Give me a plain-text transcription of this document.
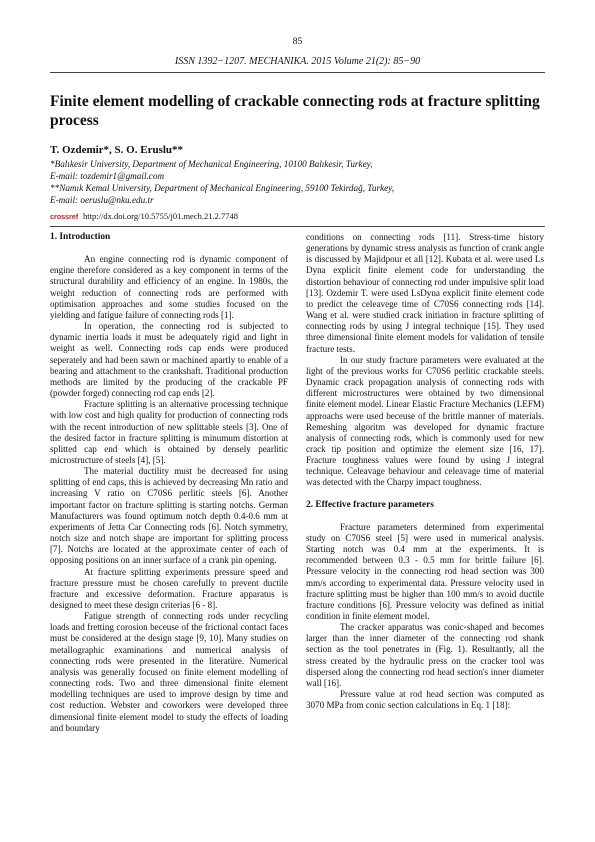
85
ISSN 1392−1207. MECHANIKA. 2015 Volume 21(2): 85−90
Finite element modelling of crackable connecting rods at fracture splitting process
T. Ozdemir*, S. O. Eruslu**
*Balıkesir University, Department of Mechanical Engineering, 10100 Balıkesir, Turkey,
E-mail: tozdemir1@gmail.com
**Namık Kemal University, Department of Mechanical Engineering, 59100 Tekirdağ, Turkey,
E-mail: oeruslu@nku.edu.tr
crossref http://dx.doi.org/10.5755/j01.mech.21.2.7748
1. Introduction

An engine connecting rod is dynamic component of engine therefore considered as a key component in terms of the structural durability and efficiency of an engine. In 1980s, the weight reduction of connecting rods are performed with optimisation approaches and some studies focused on the yielding and fatigue failure of connecting rods [1].

In operation, the connecting rod is subjected to dynamic inertia loads it must be adequately rigid and light in weight as well. Connecting rods cap ends were produced seperately and had been sawn or machined apartly to enable of a bearing and attachment to the crankshaft. Traditional production methods are limited by the producing of the crackable PF (powder forged) connecting rod cap ends [2].

Fracture splitting is an alternative processing technique with low cost and high quality for production of connecting rods with the recent introduction of new splittable steels [3]. One of the desired factor in fracture splitting is minumum distortion at splitted cap end which is obtained by densely pearlitic microstructure of steels [4], [5].

The material ductility must be decreased for using splitting of end caps, this is achieved by decreasing Mn ratio and increasing V ratio on C70S6 perlitic steels [6]. Another important factor on fracture splitting is starting notchs. German Manufacturers was found optimum notch depth 0.4-0.6 mm at experiments of Jetta Car Connecting rods [6]. Notch symmetry, notch size and notch shape are important for splitting process [7]. Notchs are located at the approximate center of each of opposing positions on an inner surface of a crank pin opening.

At fracture splitting experiments pressure speed and fracture pressure must be chosen carefully to prevent ductile fracture and excessive deformation. Fracture apparatus is designed to meet these design criterias [6 - 8].

Fatigue strength of connecting rods under recycling loads and fretting corosion beceuse of the frictional contact faces must be considered at the design stage [9, 10]. Many studies on metallographic examinations and numerical analysis of connecting rods were presented in the literatüre. Numerical analysis was generally focused on finite element modelling of connecting rods. Two and three dimensional finite element modelling techniques are used to improve design by time and cost reduction. Webster and coworkers were developed three dimensional finite element model to study the effects of loading and boundary

conditions on connecting rods [11]. Stress-time history generations by dynamic stress analysis as function of crank angle is discussed by Majidpour et all [12]. Kubata et al. were used Ls Dyna explicit finite element code for understanding the distortion behaviour of connecting rod under impulsive split load [13]. Ozdemir T. were used LsDyna explicit finite element code to predict the celeavege time of C70S6 connecting rods [14]. Wang et al. were studied crack initiation in fracture splitting of connecting rods by using J integral technique [15]. They used three dimensional finite element models for validation of tensile fracture tests.

In our study fracture parameters were evaluated at the light of the previous works for C70S6 perlitic crackable steels. Dynamic crack propagation analysis of connecting rods with different microstructures were obtained by two dimensional finite element model. Linear Elastic Fracture Mechanics (LEFM) approachs were used beceuse of the brittle manner of materials. Remeshing algoritm was developed for dynamic fracture analysis of connecting rods, which is commonly used for new crack tip position and optimize the element size [16, 17]. Fracture toughness values were found by using J integral technique. Celeavage behaviour and celeavage time of material was detected with the Charpy impact toughness.

2. Effective fracture parameters

Fracture parameters determined from experimental study on C70S6 steel [5] were used in numerical analysis. Starting notch was 0.4 mm at the experiments. It is recommended between 0.3 - 0.5 mm for brittle failure [6]. Pressure velocity in the connecting rod head section was 300 mm/s according to experimental data. Pressure velocity used in fracture splitting must be higher than 100 mm/s to avoid ductile fracture conditions [6]. Pressure velocity was defined as initial condition in finite element model.

The cracker apparatus was conic-shaped and becomes larger than the inner diameter of the connecting rod shank section as the tool penetrates in (Fig. 1). Resultantly, all the stress created by the hydraulic press on the cracker tool was dispersed along the connecting rod head section's inner diameter wall [16].

Pressure value at rod head section was computed as 3070 MPa from conic section calculations in Eq. 1 [18]:
